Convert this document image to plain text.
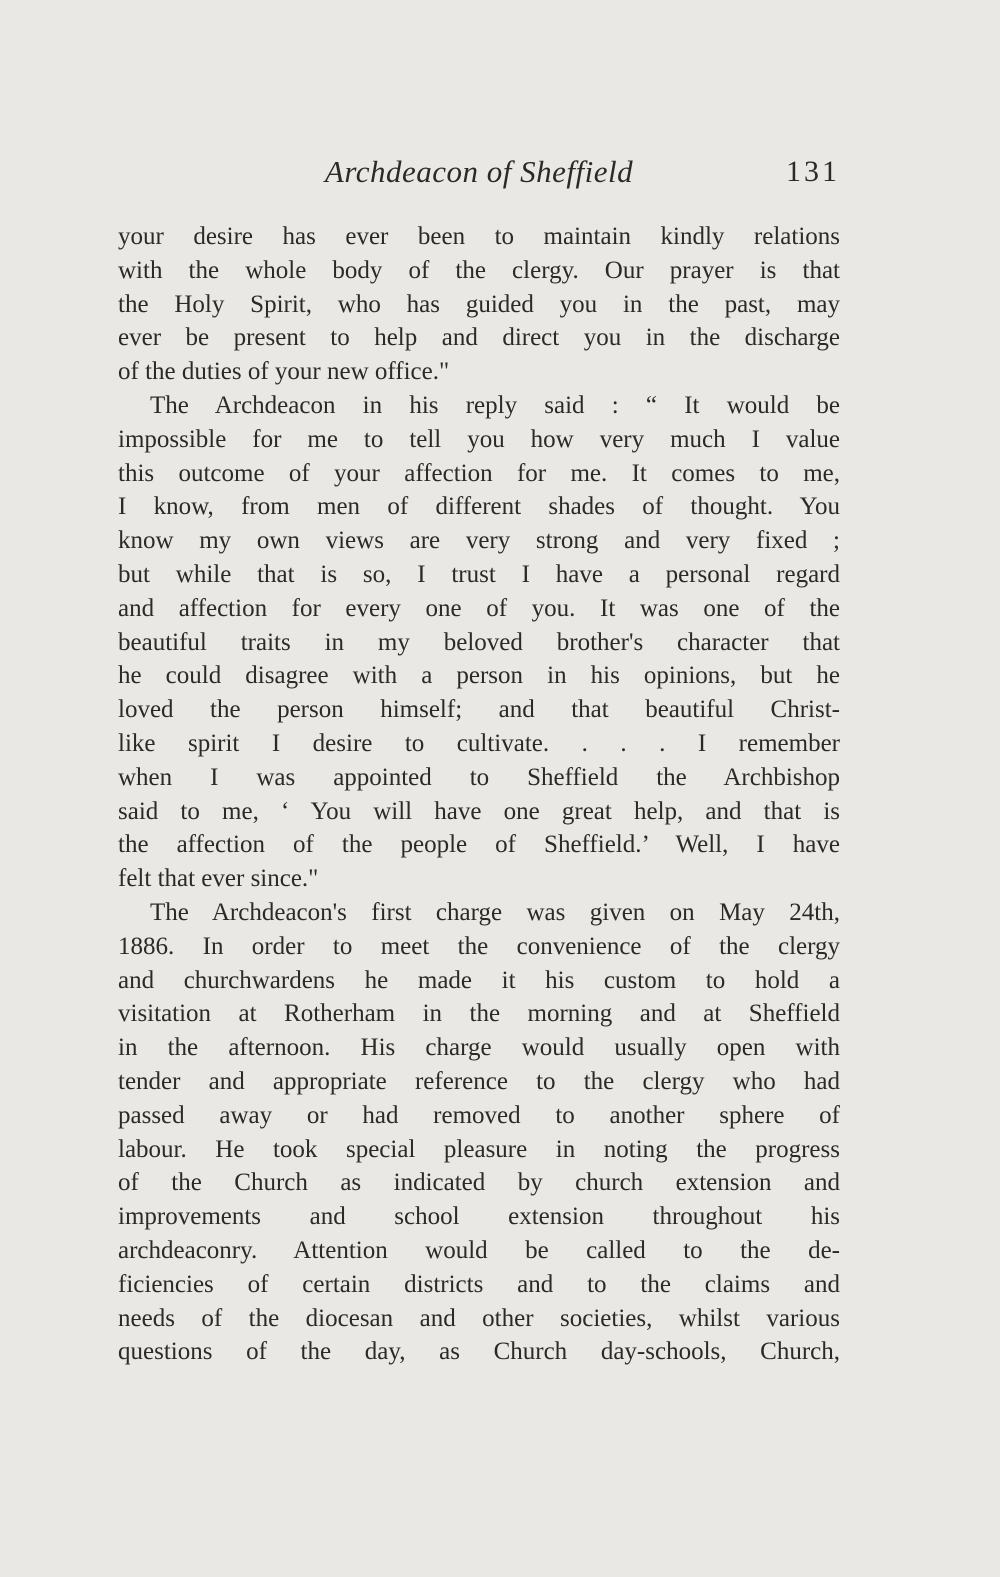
Archdeacon of Sheffield	131
your desire has ever been to maintain kindly relations
with the whole body of the clergy. Our prayer is that
the Holy Spirit, who has guided you in the past, may
ever be present to help and direct you in the discharge
of the duties of your new office."
The Archdeacon in his reply said : “ It would be
impossible for me to tell you how very much I value
this outcome of your affection for me. It comes to me,
I know, from men of different shades of thought. You
know my own views are very strong and very fixed ;
but while that is so, I trust I have a personal regard
and affection for every one of you. It was one of the
beautiful traits in my beloved brother's character that
he could disagree with a person in his opinions, but he
loved the person himself; and that beautiful Christ-
like spirit I desire to cultivate. . . . I remember
when I was appointed to Sheffield the Archbishop
said to me, ‘ You will have one great help, and that is
the affection of the people of Sheffield.’ Well, I have
felt that ever since."
The Archdeacon's first charge was given on May 24th,
1886. In order to meet the convenience of the clergy
and churchwardens he made it his custom to hold a
visitation at Rotherham in the morning and at Sheffield
in the afternoon. His charge would usually open with
tender and appropriate reference to the clergy who had
passed away or had removed to another sphere of
labour. He took special pleasure in noting the progress
of the Church as indicated by church extension and
improvements and school extension throughout his
archdeaconry. Attention would be called to the de-
ficiencies of certain districts and to the claims and
needs of the diocesan and other societies, whilst various
questions of the day, as Church day-schools, Church,
